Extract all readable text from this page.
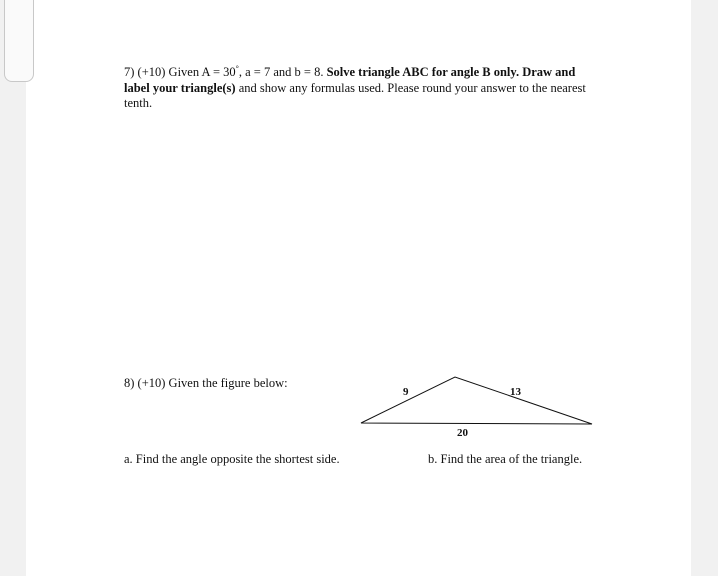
7) (+10) Given A = 30°, a = 7 and b = 8. Solve triangle ABC for angle B only. Draw and label your triangle(s) and show any formulas used. Please round your answer to the nearest tenth.
8) (+10) Given the figure below:
9	13
20
a. Find the angle opposite the shortest side.	b. Find the area of the triangle.
